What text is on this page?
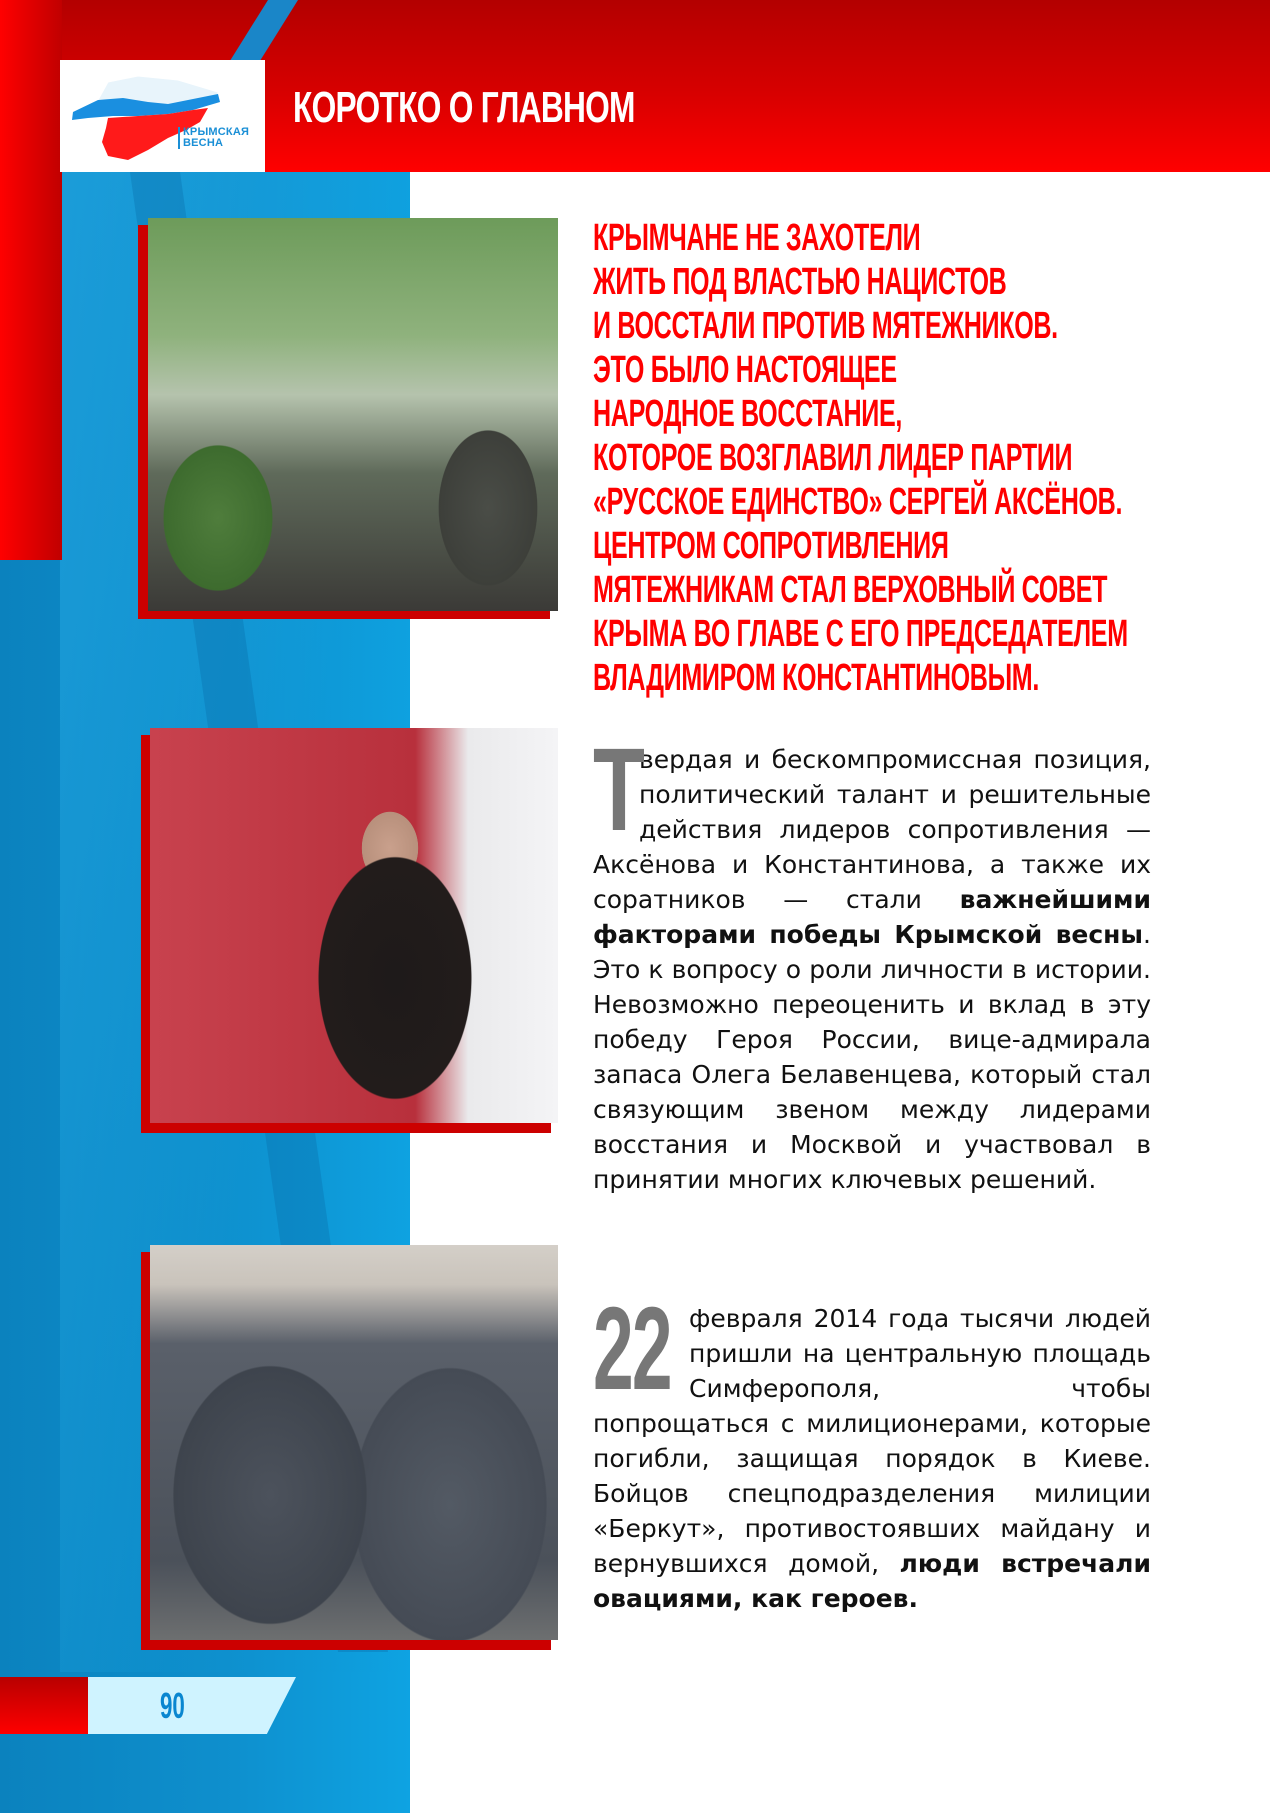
КРЫМСКАЯ
ВЕСНА
КОРОТКО О ГЛАВНОМ
КРЫМЧАНЕ НЕ ЗАХОТЕЛИ
ЖИТЬ ПОД ВЛАСТЬЮ НАЦИСТОВ
И ВОССТАЛИ ПРОТИВ МЯТЕЖНИКОВ.
ЭТО БЫЛО НАСТОЯЩЕЕ
НАРОДНОЕ ВОССТАНИЕ,
КОТОРОЕ ВОЗГЛАВИЛ ЛИДЕР ПАРТИИ
«РУССКОЕ ЕДИНСТВО» СЕРГЕЙ АКСЁНОВ.
ЦЕНТРОМ СОПРОТИВЛЕНИЯ
МЯТЕЖНИКАМ СТАЛ ВЕРХОВНЫЙ СОВЕТ
КРЫМА ВО ГЛАВЕ С ЕГО ПРЕДСЕДАТЕЛЕМ
ВЛАДИМИРОМ КОНСТАНТИНОВЫМ.

Т
вердая и бескомпромиссная позиция, политический талант и решительные действия лидеров сопротивления — Аксёнова и Константинова, а также их соратников — стали важнейшими факторами победы Крымской весны. Это к вопросу о роли личности в истории. Невозможно переоценить и вклад в эту победу Героя России, вице-адмирала запаса Олега Белавенцева, который стал связующим звеном между лидерами восстания и Москвой и участвовал в принятии многих ключевых решений.

22 февраля 2014 года тысячи людей пришли на центральную площадь Симферополя, чтобы попрощаться с милиционерами, которые погибли, защищая порядок в Киеве. Бойцов спецподразделения милиции «Беркут», противостоявших майдану и вернувшихся домой, люди встречали овациями, как героев.

90
